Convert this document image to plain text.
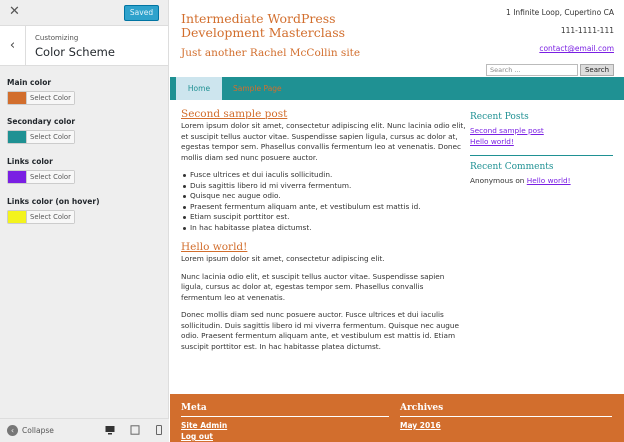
✕	Saved
‹	Customizing
Color Scheme
Main color
Select Color
Secondary color
Select Color
Links color
Select Color
Links color (on hover)
Select Color
‹	Collapse
Intermediate WordPress Development Masterclass
Just another Rachel McCollin site
1 Infinite Loop, Cupertino CA
111-1111-111
contact@email.com
Search ...	Search
Home	Sample Page
Second sample post
Lorem ipsum dolor sit amet, consectetur adipiscing elit. Nunc lacinia odio elit, et suscipit tellus auctor vitae. Suspendisse sapien ligula, cursus ac dolor at, egestas tempor sem. Phasellus convallis fermentum leo at venenatis. Donec mollis diam sed nunc posuere auctor.
Fusce ultrices et dui iaculis sollicitudin.
Duis sagittis libero id mi viverra fermentum.
Quisque nec augue odio.
Praesent fermentum aliquam ante, et vestibulum est mattis id.
Etiam suscipit porttitor est.
In hac habitasse platea dictumst.
Hello world!
Lorem ipsum dolor sit amet, consectetur adipiscing elit.
Nunc lacinia odio elit, et suscipit tellus auctor vitae. Suspendisse sapien ligula, cursus ac dolor at, egestas tempor sem. Phasellus convallis fermentum leo at venenatis.
Donec mollis diam sed nunc posuere auctor. Fusce ultrices et dui iaculis sollicitudin. Duis sagittis libero id mi viverra fermentum. Quisque nec augue odio. Praesent fermentum aliquam ante, et vestibulum est mattis id. Etiam suscipit porttitor est. In hac habitasse platea dictumst.
Recent Posts
Second sample post
Hello world!
Recent Comments
Anonymous on Hello world!
Meta
Site Admin
Log out
Archives
May 2016
